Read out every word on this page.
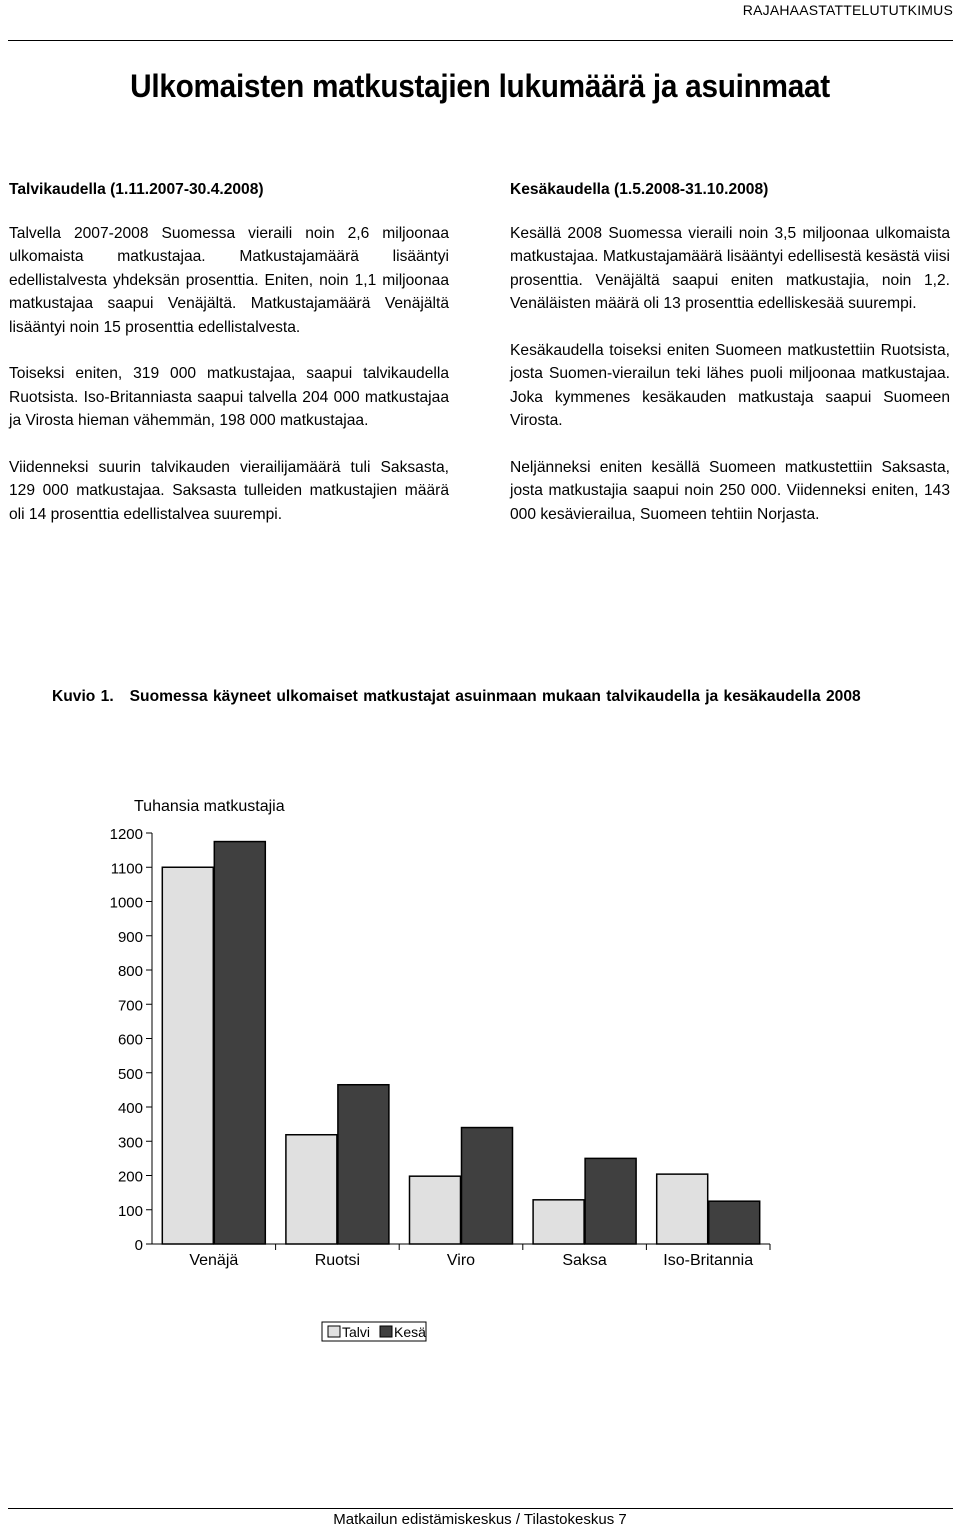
RAJAHAASTATTELUTUTKIMUS
Ulkomaisten matkustajien lukumäärä ja asuinmaat
Talvikaudella (1.11.2007-30.4.2008)

Talvella 2007-2008 Suomessa vieraili noin 2,6 miljoonaa ulkomaista matkustajaa. Matkustajamäärä lisääntyi edellistalvesta yhdeksän prosenttia. Eniten, noin 1,1 miljoonaa matkustajaa saapui Venäjältä. Matkustajamäärä Venäjältä lisääntyi noin 15 prosenttia edellistalvesta.

Toiseksi eniten, 319 000 matkustajaa, saapui talvikaudella Ruotsista. Iso-Britanniasta saapui talvella 204 000 matkustajaa ja Virosta hieman vähemmän, 198 000 matkustajaa.

Viidenneksi suurin talvikauden vierailijamäärä tuli Saksasta, 129 000 matkustajaa. Saksasta tulleiden matkustajien määrä oli 14 prosenttia edellistalvea suurempi.

Kesäkaudella (1.5.2008-31.10.2008)

Kesällä 2008 Suomessa vieraili noin 3,5 miljoonaa ulkomaista matkustajaa. Matkustajamäärä lisääntyi edellisestä kesästä viisi prosenttia. Venäjältä saapui eniten matkustajia, noin 1,2. Venäläisten määrä oli 13 prosenttia edelliskesää suurempi.

Kesäkaudella toiseksi eniten Suomeen matkustettiin Ruotsista, josta Suomen-vierailun teki lähes puoli miljoonaa matkustajaa. Joka kymmenes kesäkauden matkustaja saapui Suomeen Virosta.

Neljänneksi eniten kesällä Suomeen matkustettiin Saksasta, josta matkustajia saapui noin 250 000. Viidenneksi eniten, 143 000 kesävierailua, Suomeen tehtiin Norjasta.

Kuvio 1. Suomessa käyneet ulkomaiset matkustajat asuinmaan mukaan talvikaudella ja kesäkaudella 2008
Tuhansia matkustajia
0
100
200
300
400
500
600
700
800
900
1000
1100
1200
Venäjä	Ruotsi	Viro	Saksa	Iso-Britannia
Talvi Kesä
Matkailun edistämiskeskus / Tilastokeskus 7
